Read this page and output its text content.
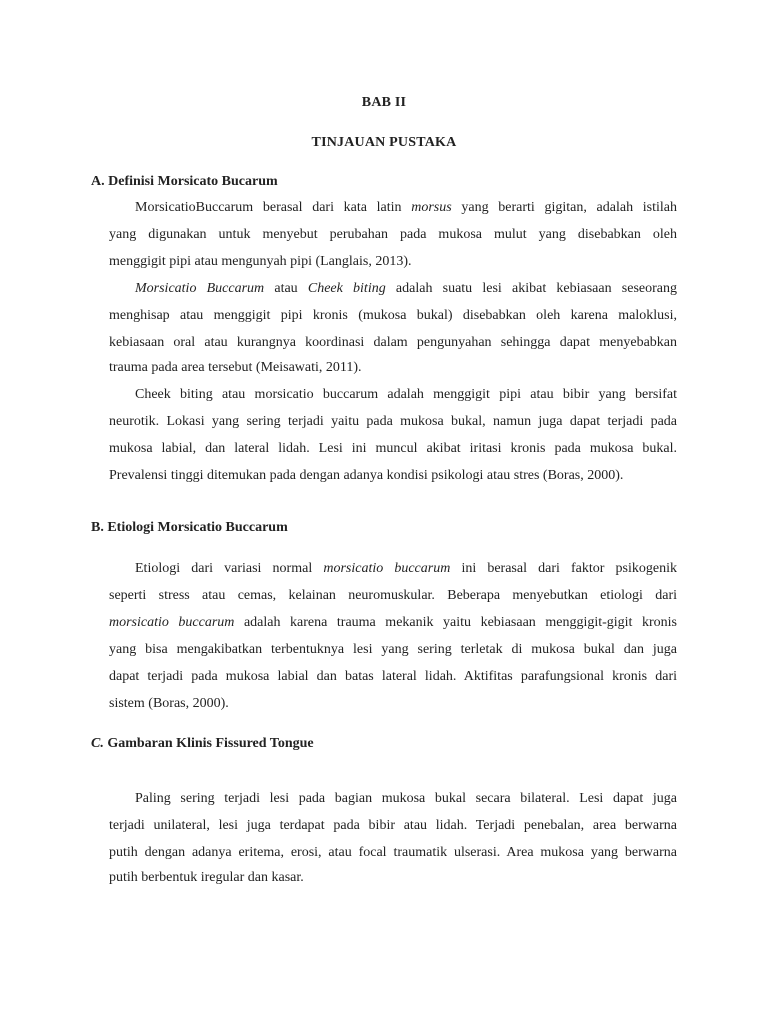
BAB II
TINJAUAN PUSTAKA
A. Definisi Morsicato Bucarum
MorsicatioBuccarum berasal dari kata latin morsus yang berarti gigitan, adalah istilah
yang digunakan untuk menyebut perubahan pada mukosa mulut yang disebabkan oleh
menggigit pipi atau mengunyah pipi (Langlais, 2013).
Morsicatio Buccarum atau Cheek biting adalah suatu lesi akibat kebiasaan seseorang
menghisap atau menggigit pipi kronis (mukosa bukal) disebabkan oleh karena maloklusi,
kebiasaan oral atau kurangnya koordinasi dalam pengunyahan sehingga dapat menyebabkan
trauma pada area tersebut (Meisawati, 2011).
Cheek biting atau morsicatio buccarum adalah menggigit pipi atau bibir yang bersifat
neurotik. Lokasi yang sering terjadi yaitu pada mukosa bukal, namun juga dapat terjadi pada
mukosa labial, dan lateral lidah. Lesi ini muncul akibat iritasi kronis pada mukosa bukal.
Prevalensi tinggi ditemukan pada dengan adanya kondisi psikologi atau stres (Boras, 2000).
B. Etiologi Morsicatio Buccarum
Etiologi dari variasi normal morsicatio buccarum ini berasal dari faktor psikogenik
seperti stress atau cemas, kelainan neuromuskular. Beberapa menyebutkan etiologi dari
morsicatio buccarum adalah karena trauma mekanik yaitu kebiasaan menggigit-gigit kronis
yang bisa mengakibatkan terbentuknya lesi yang sering terletak di mukosa bukal dan juga
dapat terjadi pada mukosa labial dan batas lateral lidah. Aktifitas parafungsional kronis dari
sistem (Boras, 2000).
C. Gambaran Klinis Fissured Tongue
Paling sering terjadi lesi pada bagian mukosa bukal secara bilateral. Lesi dapat juga
terjadi unilateral, lesi juga terdapat pada bibir atau lidah. Terjadi penebalan, area berwarna
putih dengan adanya eritema, erosi, atau focal traumatik ulserasi. Area mukosa yang berwarna
putih berbentuk iregular dan kasar.
